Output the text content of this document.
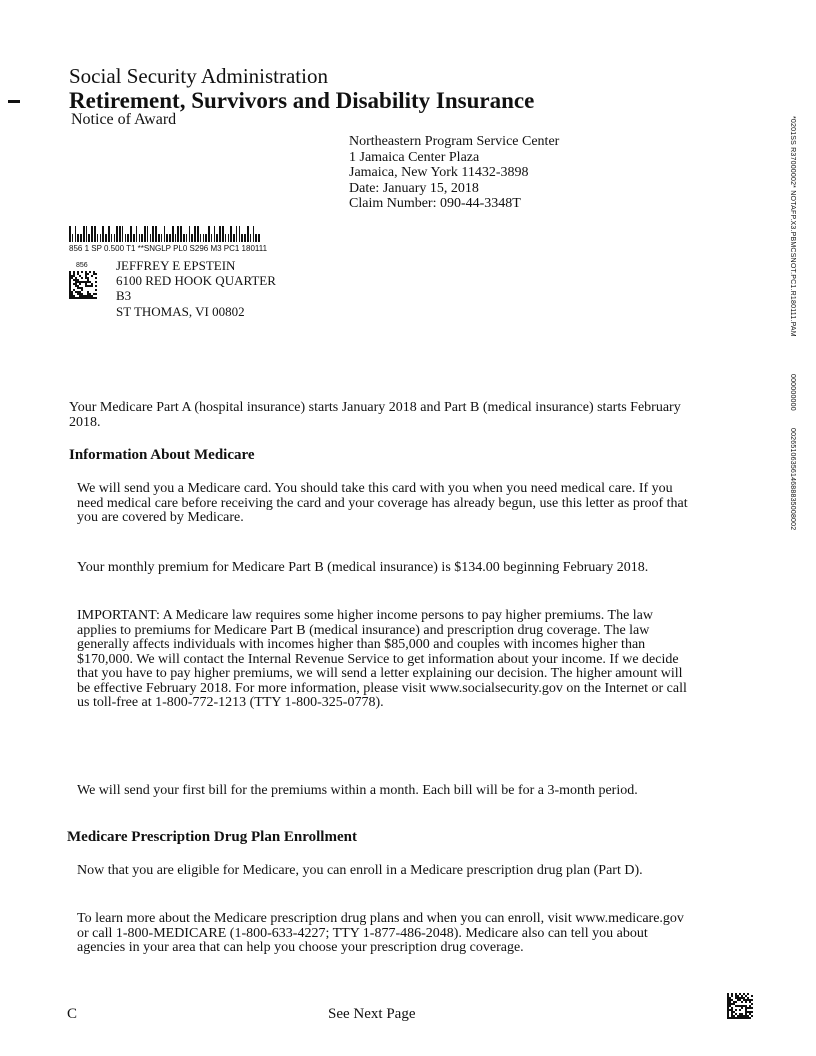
Social Security Administration
Retirement, Survivors and Disability Insurance
Notice of Award
Northeastern Program Service Center
1 Jamaica Center Plaza
Jamaica, New York 11432-3898
Date: January 15, 2018
Claim Number: 090-44-3348T
856 1 SP 0.500 T1 **SNGLP PL0 S296 M3 PC1 180111
856 JEFFREY E EPSTEIN
6100 RED HOOK QUARTER
B3
ST THOMAS, VI 00802	*0201SS R37000002* NOTAFP.X3.PBMCSNOT.PC1.R180111.PAM
000000000
0026510635614688835008002
Your Medicare Part A (hospital insurance) starts January 2018 and Part B (medical insurance) starts February 2018.
Information About Medicare
We will send you a Medicare card. You should take this card with you when you need medical care. If you need medical care before receiving the card and your coverage has already begun, use this letter as proof that you are covered by Medicare.
Your monthly premium for Medicare Part B (medical insurance) is $134.00 beginning February 2018.
IMPORTANT: A Medicare law requires some higher income persons to pay higher premiums. The law applies to premiums for Medicare Part B (medical insurance) and prescription drug coverage. The law generally affects individuals with incomes higher than $85,000 and couples with incomes higher than $170,000. We will contact the Internal Revenue Service to get information about your income. If we decide that you have to pay higher premiums, we will send a letter explaining our decision. The higher amount will be effective February 2018. For more information, please visit www.socialsecurity.gov on the Internet or call us toll-free at 1-800-772-1213 (TTY 1-800-325-0778).
We will send your first bill for the premiums within a month. Each bill will be for a 3-month period.
Medicare Prescription Drug Plan Enrollment
Now that you are eligible for Medicare, you can enroll in a Medicare prescription drug plan (Part D).
To learn more about the Medicare prescription drug plans and when you can enroll, visit www.medicare.gov or call 1-800-MEDICARE (1-800-633-4227; TTY 1-877-486-2048). Medicare also can tell you about agencies in your area that can help you choose your prescription drug coverage.
C	See Next Page
